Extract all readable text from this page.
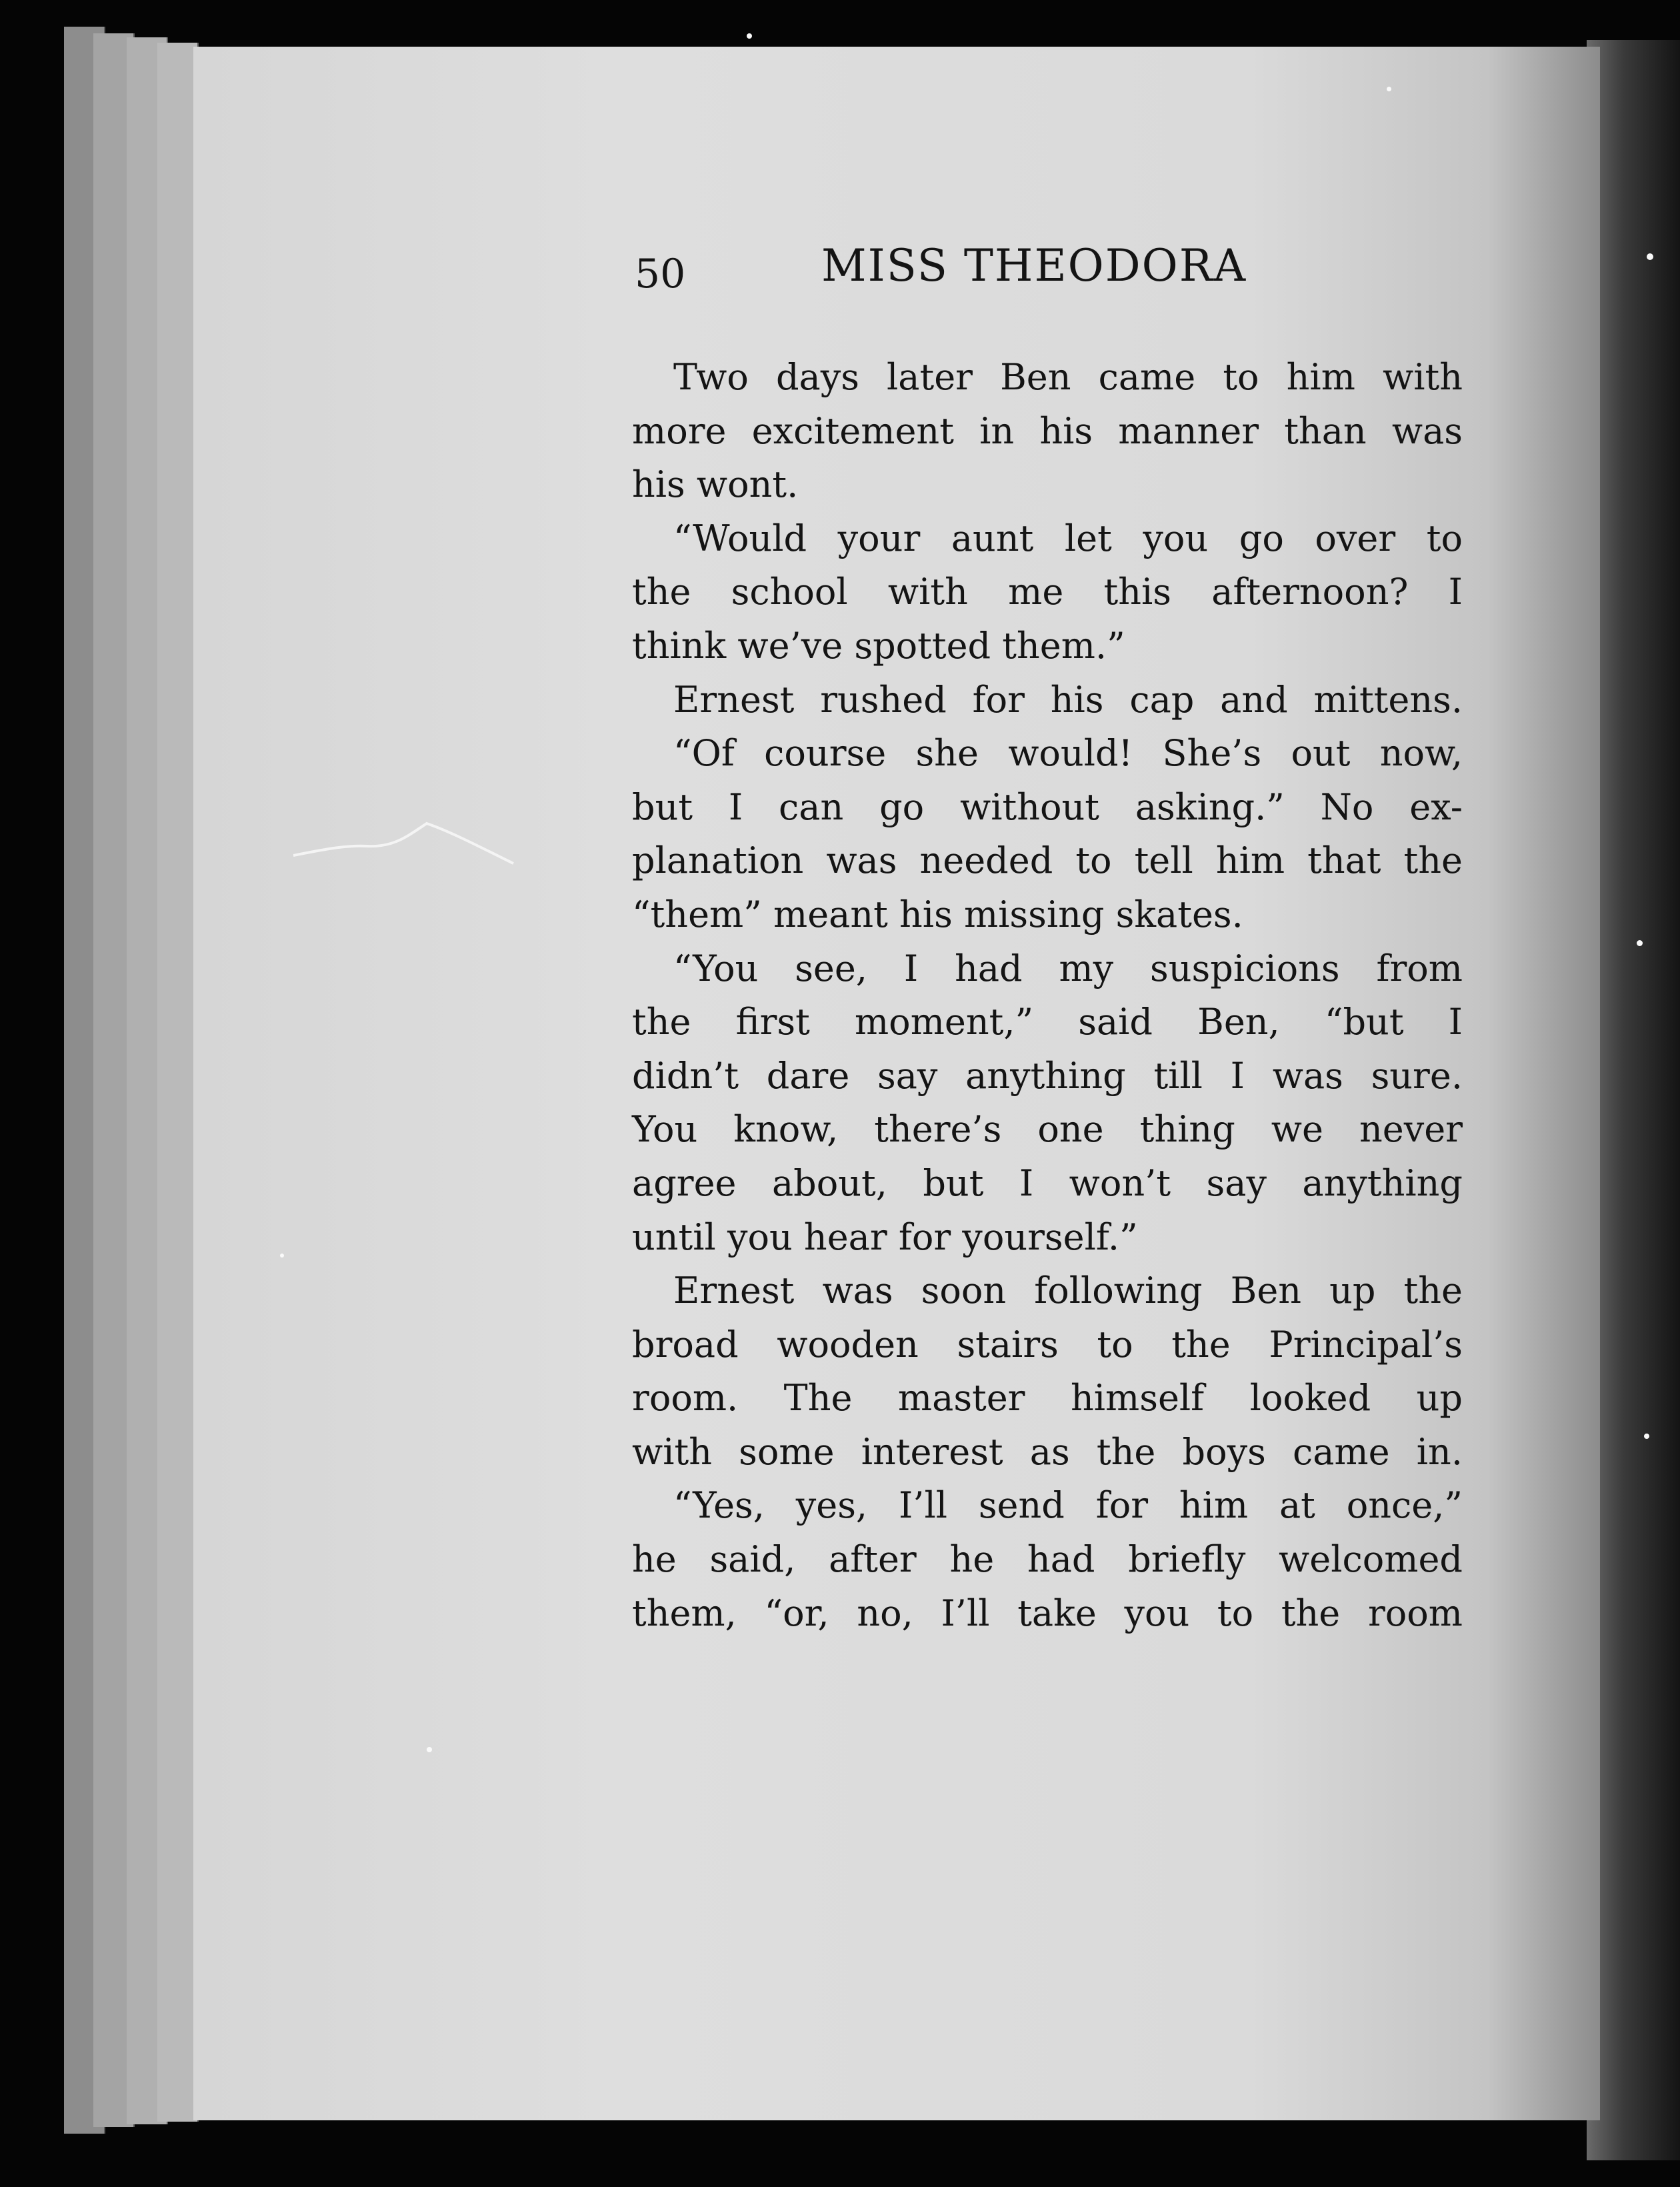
50	MISS THEODORA
Two days later Ben came to him with
more excitement in his manner than was
his wont.
“Would your aunt let you go over to
the school with me this afternoon? I
think we’ve spotted them.”
Ernest rushed for his cap and mittens.
“Of course she would! She’s out now,
but I can go without asking.” No ex-
planation was needed to tell him that the
“them” meant his missing skates.
“You see, I had my suspicions from
the first moment,” said Ben, “but I
didn’t dare say anything till I was sure.
You know, there’s one thing we never
agree about, but I won’t say anything
until you hear for yourself.”
Ernest was soon following Ben up the
broad wooden stairs to the Principal’s
room. The master himself looked up
with some interest as the boys came in.
“Yes, yes, I’ll send for him at once,”
he said, after he had briefly welcomed
them, “or, no, I’ll take you to the room
